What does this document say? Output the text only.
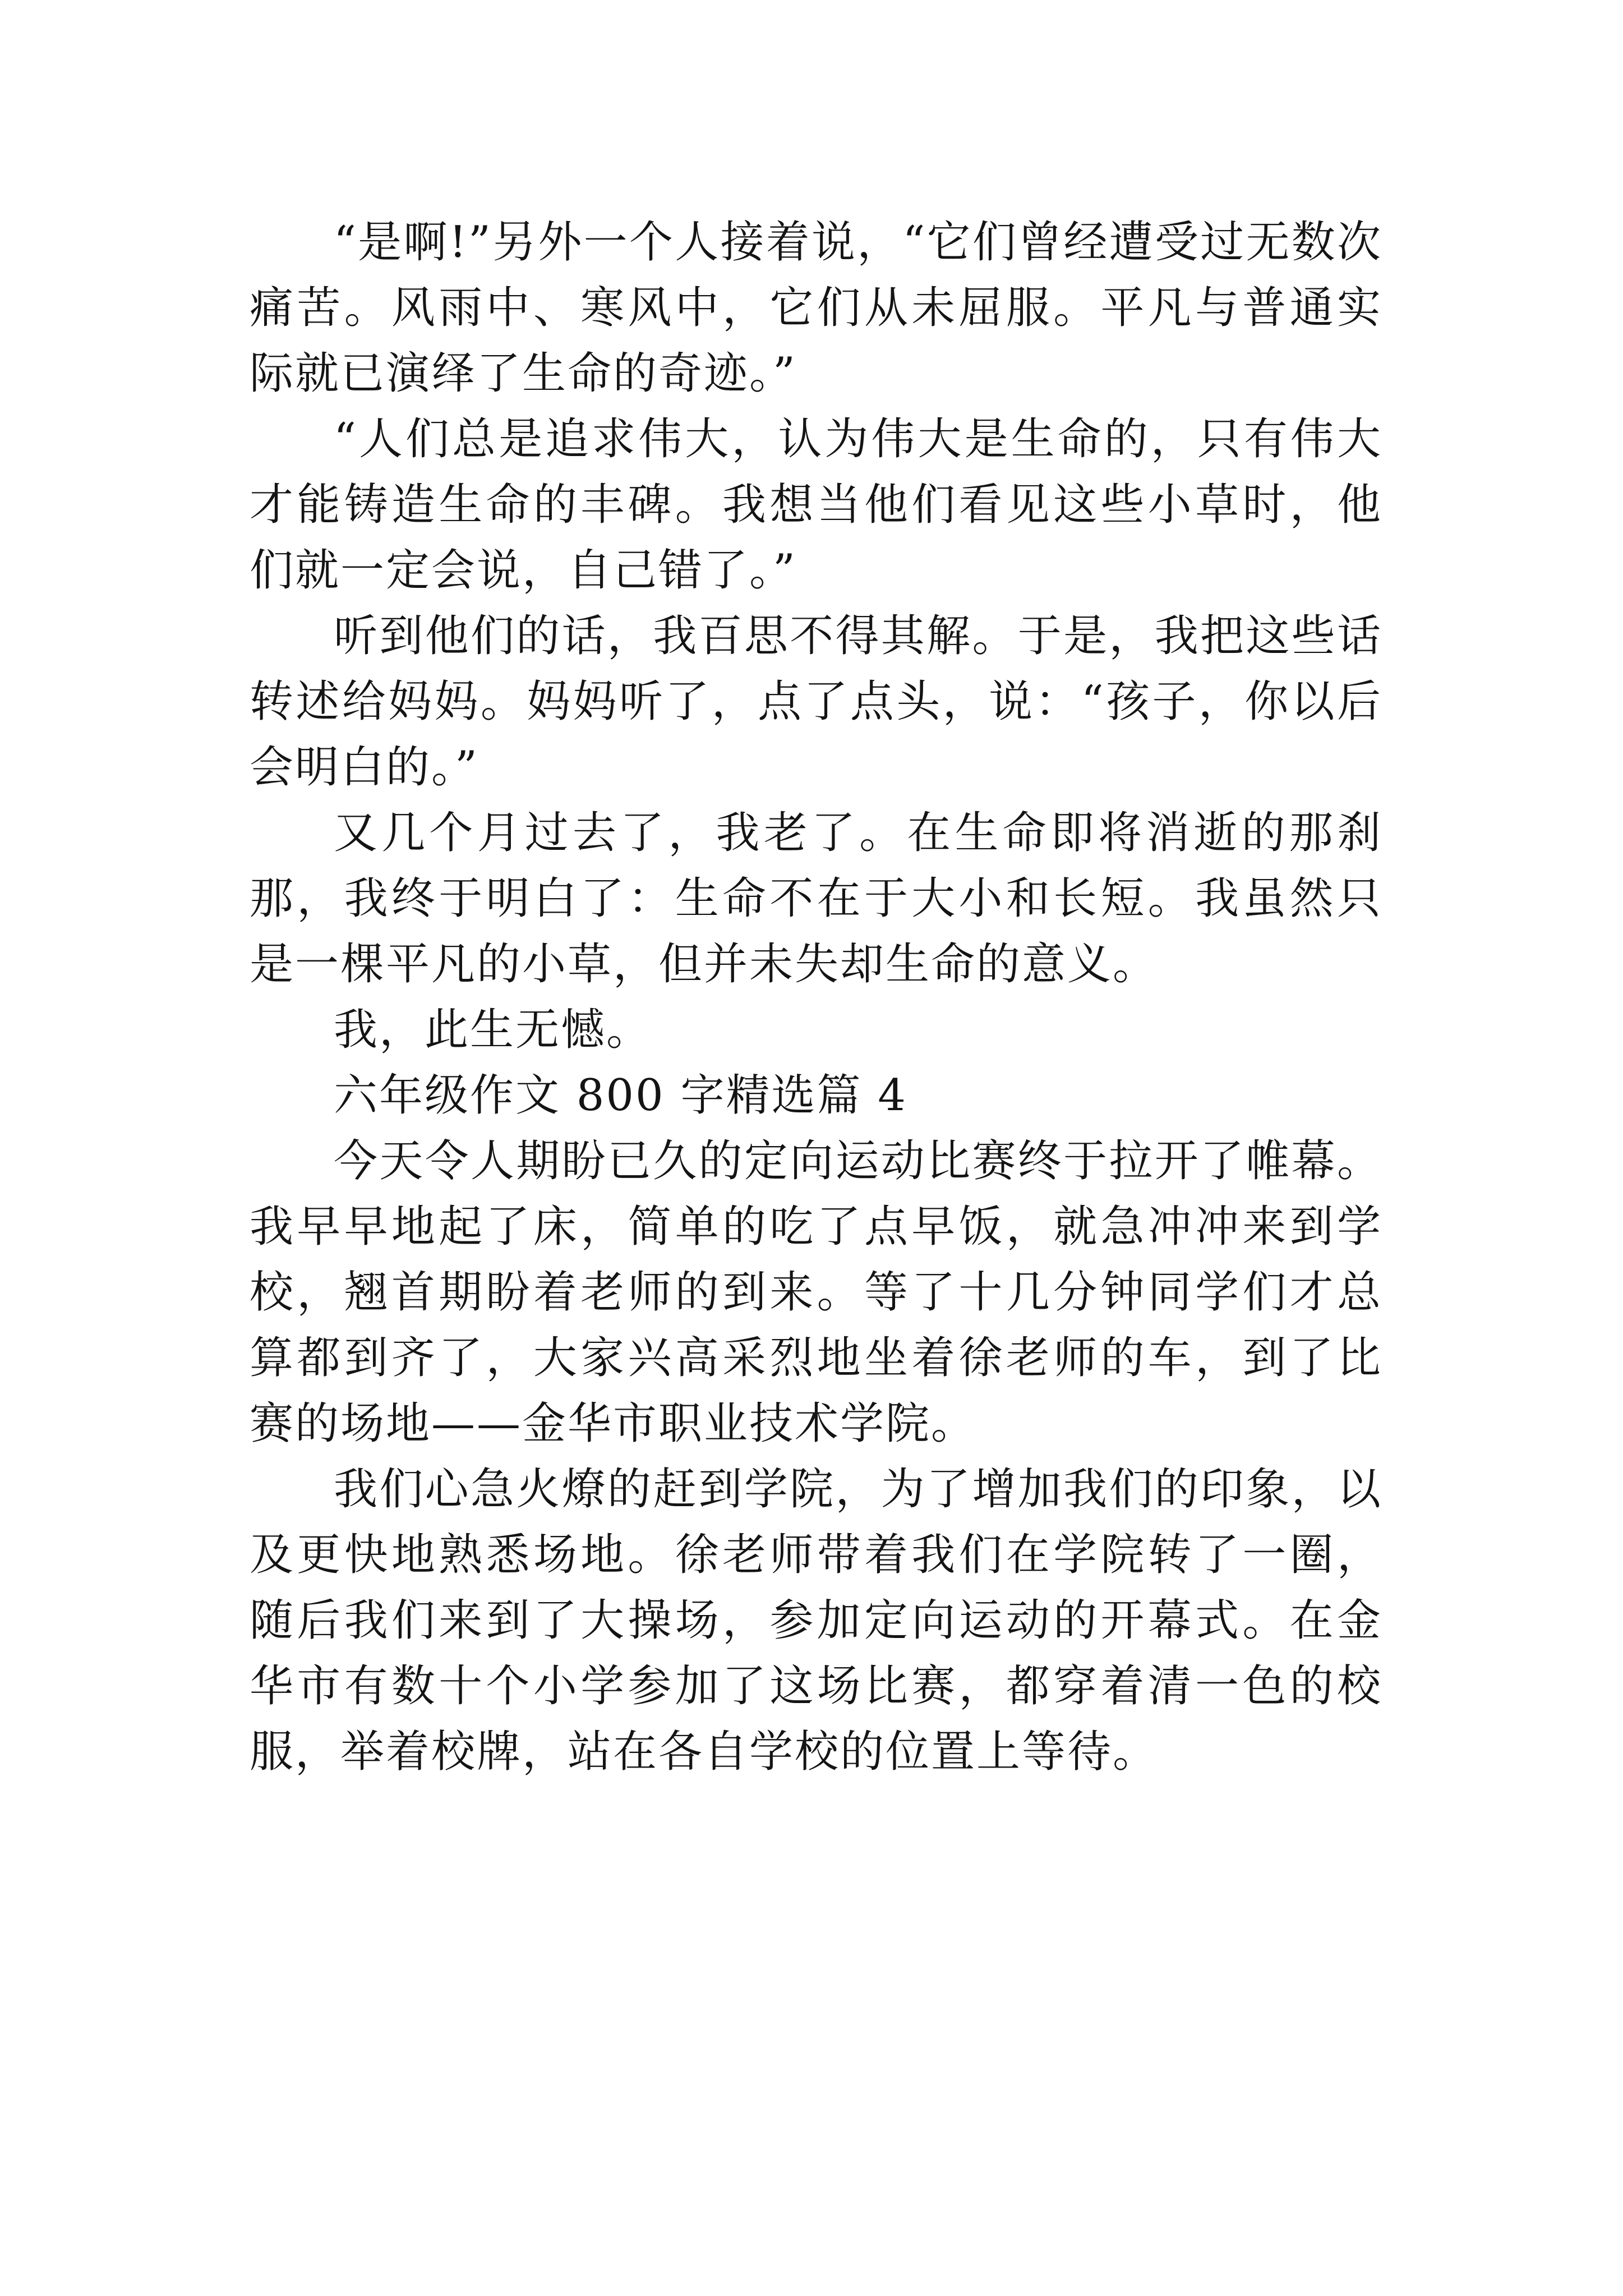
“是啊!”另外一个人接着说，“它们曾经遭受过无数次痛苦。风雨中、寒风中，它们从未屈服。平凡与普通实际就已演绎了生命的奇迹。”

“人们总是追求伟大，认为伟大是生命的，只有伟大才能铸造生命的丰碑。我想当他们看见这些小草时，他们就一定会说，自己错了。”

听到他们的话，我百思不得其解。于是，我把这些话转述给妈妈。妈妈听了，点了点头，说：“孩子，你以后会明白的。”

又几个月过去了，我老了。在生命即将消逝的那刹那，我终于明白了：生命不在于大小和长短。我虽然只是一棵平凡的小草，但并未失却生命的意义。

我，此生无憾。

六年级作文 800 字精选篇 4

今天令人期盼已久的定向运动比赛终于拉开了帷幕。我早早地起了床，简单的吃了点早饭，就急冲冲来到学校，翘首期盼着老师的到来。等了十几分钟同学们才总算都到齐了，大家兴高采烈地坐着徐老师的车，到了比赛的场地——金华市职业技术学院。

我们心急火燎的赶到学院，为了增加我们的印象，以及更快地熟悉场地。徐老师带着我们在学院转了一圈，随后我们来到了大操场，参加定向运动的开幕式。在金华市有数十个小学参加了这场比赛，都穿着清一色的校服，举着校牌，站在各自学校的位置上等待。
